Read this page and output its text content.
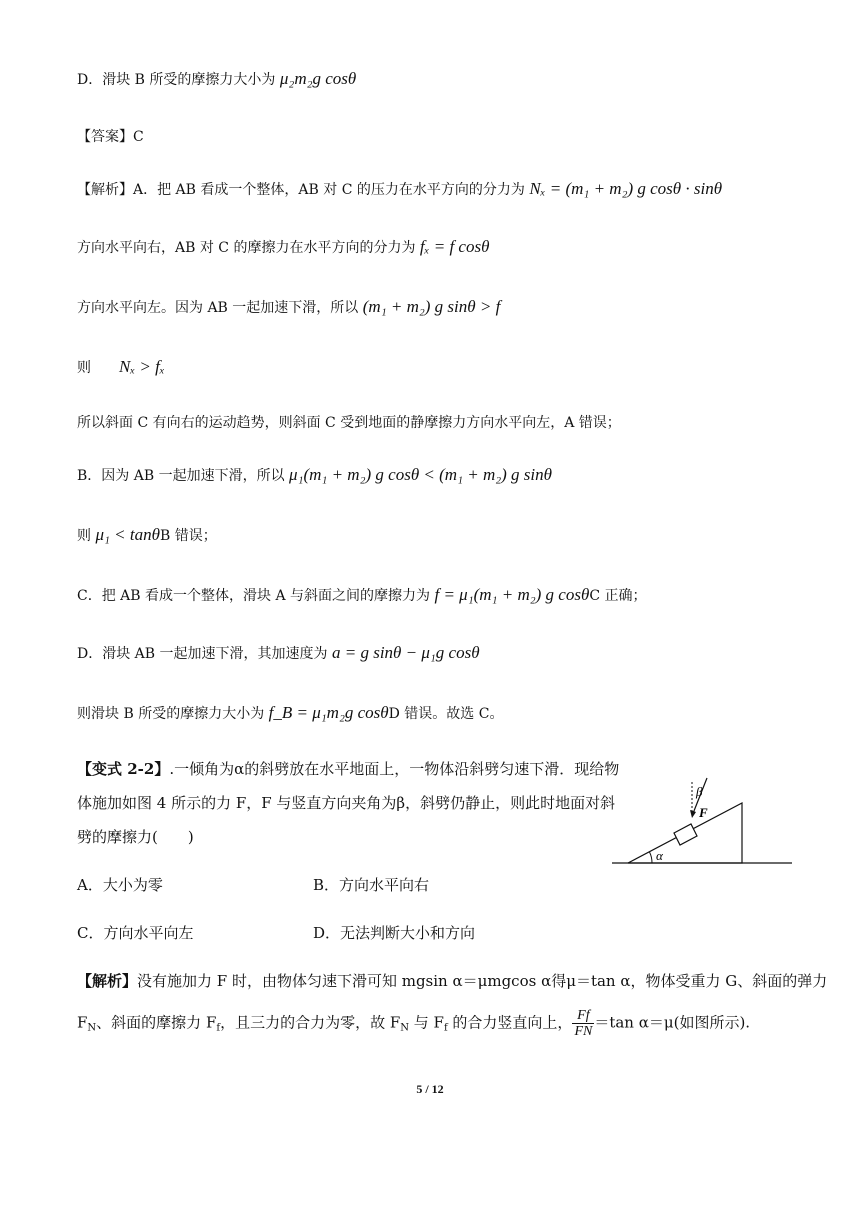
D．滑块 B 所受的摩擦力大小为 μ₂m₂g cosθ
【答案】C
【解析】A．把 AB 看成一个整体，AB 对 C 的压力在水平方向的分力为 Nₓ = (m₁ + m₂) g cosθ · sinθ
方向水平向右，AB 对 C 的摩擦力在水平方向的分力为 fₓ = f cosθ
方向水平向左。因为 AB 一起加速下滑，所以 (m₁ + m₂) g sinθ > f
则 Nₓ > fₓ
所以斜面 C 有向右的运动趋势，则斜面 C 受到地面的静摩擦力方向水平向左，A 错误；
B．因为 AB 一起加速下滑，所以 μ₁(m₁ + m₂) g cosθ < (m₁ + m₂) g sinθ
则 μ₁ < tanθB 错误；
C．把 AB 看成一个整体，滑块 A 与斜面之间的摩擦力为 f = μ₁(m₁ + m₂) g cosθC 正确；
D．滑块 AB 一起加速下滑，其加速度为 a = g sinθ − μ₁g cosθ
则滑块 B 所受的摩擦力大小为 f_B = μ₁m₂g cosθD 错误。故选 C。
【变式 2-2】.一倾角为α的斜劈放在水平地面上，一物体沿斜劈匀速下滑．现给物
体施加如图 4 所示的力 F，F 与竖直方向夹角为β，斜劈仍静止，则此时地面对斜
劈的摩擦力(　　)
A．大小为零	B．方向水平向右
C．方向水平向左	D．无法判断大小和方向
【解析】没有施加力 F 时，由物体匀速下滑可知 mgsin α＝μmgcos α得μ＝tan α，物体受重力 G、斜面的弹力
$F_N$、斜面的摩擦力 $F_f$，且三力的合力为零，故 $F_N$ 与 $F_f$ 的合力竖直向上， $\frac{Ff}{FN} =\tan$ α＝μ(如图所示).
α
β
F
5 / 12
